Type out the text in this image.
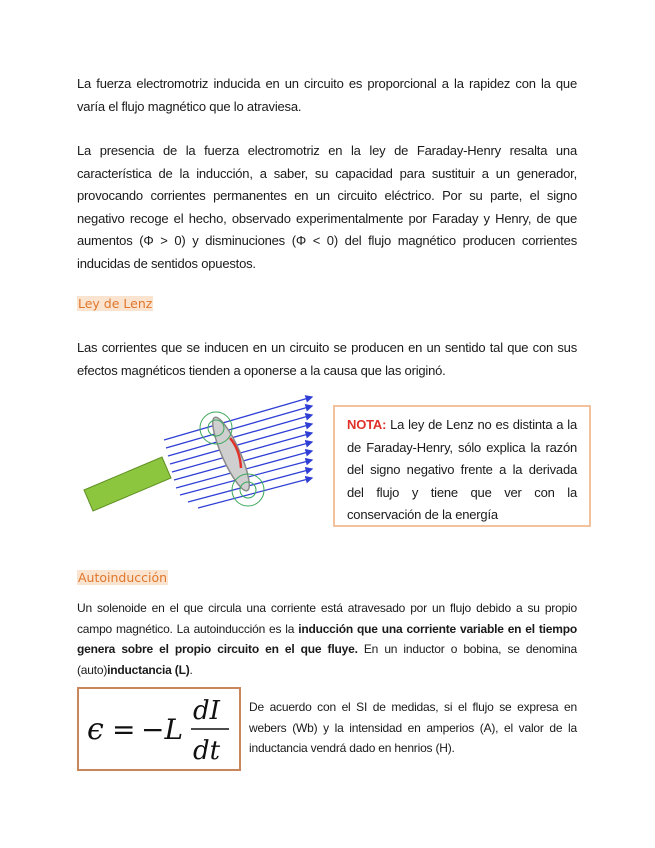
La fuerza electromotriz inducida en un circuito es proporcional a la rapidez con la que varía el flujo magnético que lo atraviesa.
La presencia de la fuerza electromotriz en la ley de Faraday-Henry resalta una característica de la inducción, a saber, su capacidad para sustituir a un generador, provocando corrientes permanentes en un circuito eléctrico. Por su parte, el signo negativo recoge el hecho, observado experimentalmente por Faraday y Henry, de que aumentos (Φ > 0) y disminuciones (Φ < 0) del flujo magnético producen corrientes inducidas de sentidos opuestos.
Ley de Lenz
Las corrientes que se inducen en un circuito se producen en un sentido tal que con sus efectos magnéticos tienden a oponerse a la causa que las originó.
NOTA: La ley de Lenz no es distinta a la de Faraday-Henry, sólo explica la razón del signo negativo frente a la derivada del flujo y tiene que ver con la conservación de la energía
Autoinducción
Un solenoide en el que circula una corriente está atravesado por un flujo debido a su propio campo magnético. La autoinducción es la inducción que una corriente variable en el tiempo genera sobre el propio circuito en el que fluye. En un inductor o bobina, se denomina (auto)inductancia (L).
ϵ = −L
dI
dt
De acuerdo con el SI de medidas, si el flujo se expresa en webers (Wb) y la intensidad en amperios (A), el valor de la inductancia vendrá dado en henrios (H).
